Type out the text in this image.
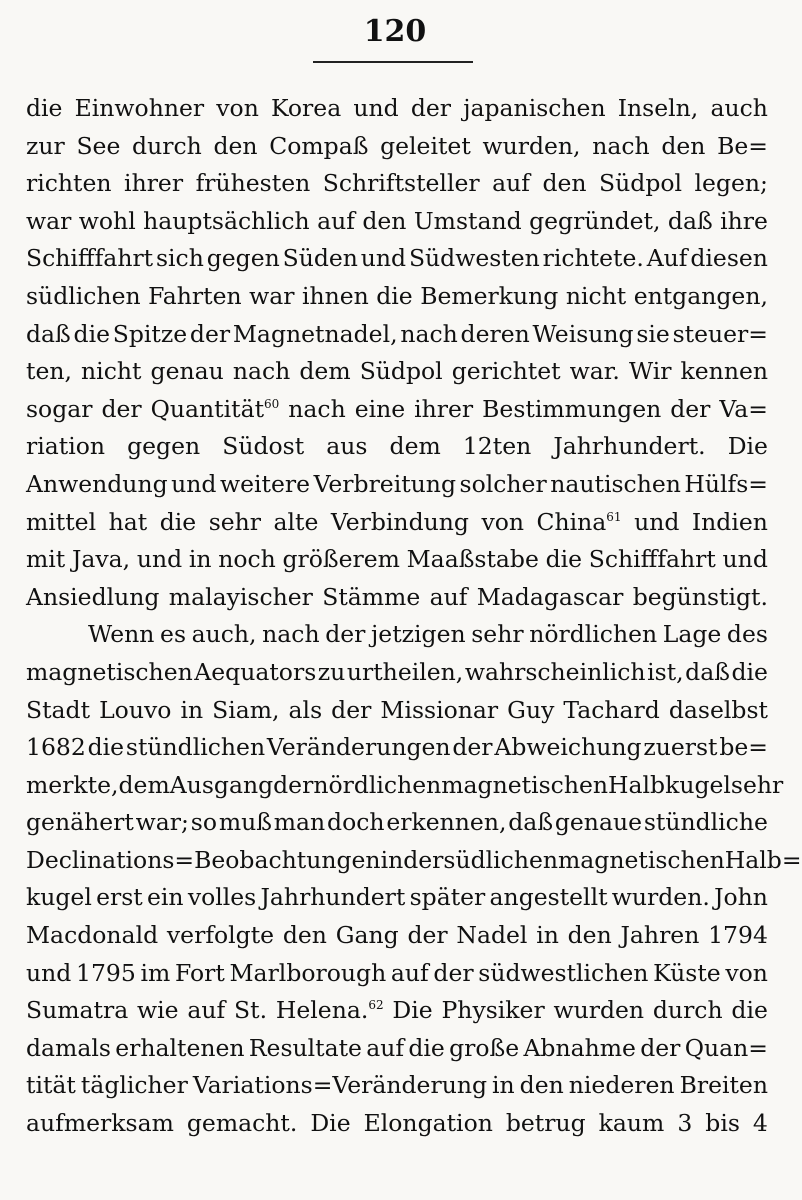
120
die Einwohner von Korea und der japanischen Inseln, auch
zur See durch den Compaß geleitet wurden, nach den Be=
richten ihrer frühesten Schriftsteller auf den Südpol legen;
war wohl hauptsächlich auf den Umstand gegründet, daß ihre
Schifffahrt sich gegen Süden und Südwesten richtete. Auf diesen
südlichen Fahrten war ihnen die Bemerkung nicht entgangen,
daß die Spitze der Magnetnadel, nach deren Weisung sie steuer=
ten, nicht genau nach dem Südpol gerichtet war. Wir kennen
sogar der Quantität$^{60}$ nach eine ihrer Bestimmungen der Va=
riation gegen Südost aus dem 12ten Jahrhundert. Die
Anwendung und weitere Verbreitung solcher nautischen Hülfs=
mittel hat die sehr alte Verbindung von China$^{61}$ und Indien
mit Java, und in noch größerem Maaßstabe die Schifffahrt und
Ansiedlung malayischer Stämme auf Madagascar begünstigt.
Wenn es auch, nach der jetzigen sehr nördlichen Lage des
magnetischen Aequators zu urtheilen, wahrscheinlich ist, daß die
Stadt Louvo in Siam, als der Missionar Guy Tachard daselbst
1682 die stündlichen Veränderungen der Abweichung zuerst be=
merkte, dem Ausgang der nördlichen magnetischen Halbkugel sehr
genähert war; so muß man doch erkennen, daß genaue stündliche
Declinations=Beobachtungen in der südlichen magnetischen Halb=
kugel erst ein volles Jahrhundert später angestellt wurden. John
Macdonald verfolgte den Gang der Nadel in den Jahren 1794
und 1795 im Fort Marlborough auf der südwestlichen Küste von
Sumatra wie auf St. Helena.$^{62}$ Die Physiker wurden durch die
damals erhaltenen Resultate auf die große Abnahme der Quan=
tität täglicher Variations=Veränderung in den niederen Breiten
aufmerksam gemacht. Die Elongation betrug kaum 3 bis 4
